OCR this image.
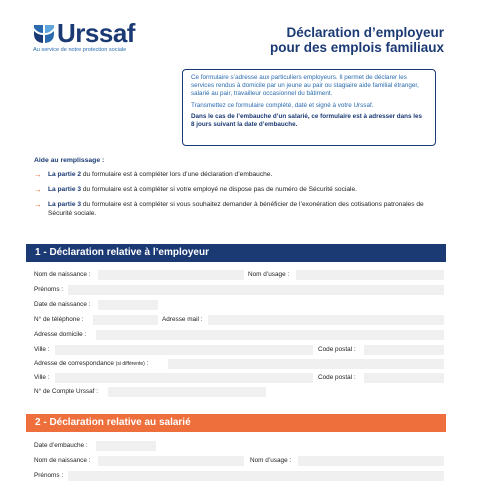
Urssaf
Au service de notre protection sociale
Déclaration d’employeur
pour des emplois familiaux

Ce formulaire s’adresse aux particuliers employeurs. Il permet de déclarer les services rendus à domicile par un jeune au pair ou stagiaire aide familial étranger, salarié au pair, travailleur occasionnel du bâtiment.

Transmettez ce formulaire complété, daté et signé à votre Urssaf.

Dans le cas de l’embauche d’un salarié, ce formulaire est à adresser dans les 8 jours suivant la date d’embauche.

Aide au remplissage :
→ La partie 2 du formulaire est à compléter lors d’une déclaration d’embauche.
→ La partie 3 du formulaire est à compléter si votre employé ne dispose pas de numéro de Sécurité sociale.
→ La partie 3 du formulaire est à compléter si vous souhaitez demander à bénéficier de l’exonération des cotisations patronales de Sécurité sociale.
1 - Déclaration relative à l’employeur
Nom de naissance :	Nom d’usage :
Prénoms :
Date de naissance :
N° de téléphone :	Adresse mail :
Adresse domicile :
Ville :	Code postal :
Adresse de correspondance (si différente) :
Ville :	Code postal :
N° de Compte Urssaf :
2 - Déclaration relative au salarié
Date d’embauche :
Nom de naissance :	Nom d’usage :
Prénoms :
